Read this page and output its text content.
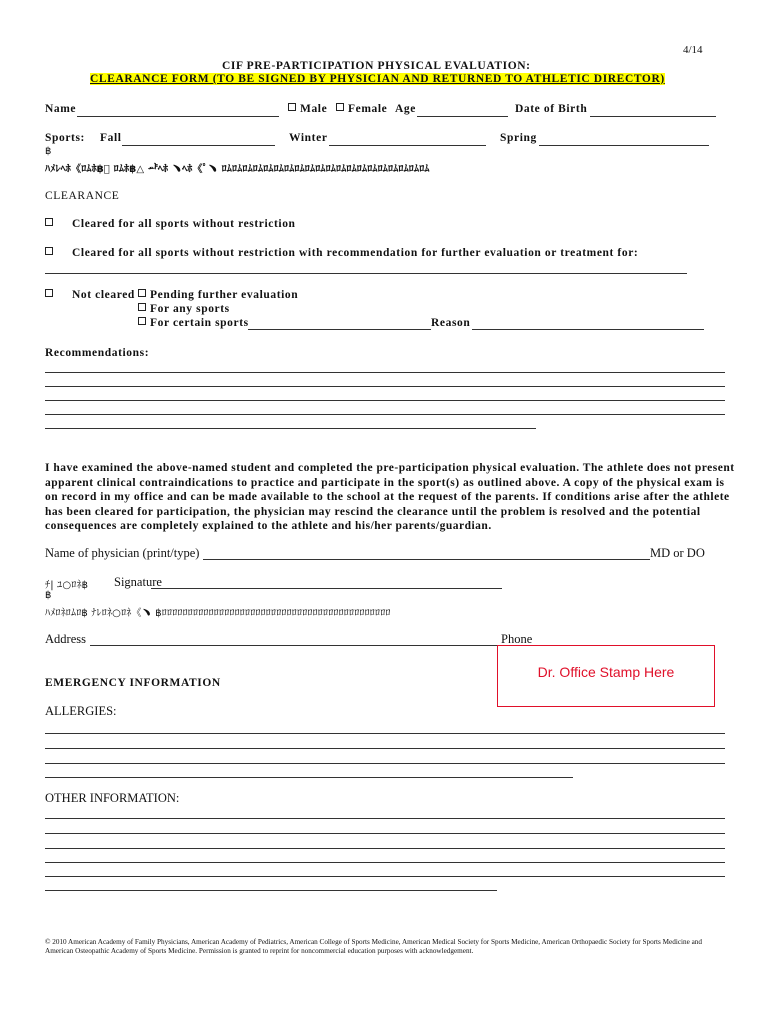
4/14
CIF PRE-PARTICIPATION PHYSICAL EVALUATION:
CLEARANCE FORM (TO BE SIGNED BY PHYSICIAN AND RETURNED TO ATHLETIC DIRECTOR)
Name	Male	Female Age	Date of Birth
Sports: Fall	Winter	Spring
฿
ﾊﾒﾚﾍﾎ《ﾛﾑﾎ฿ﾟ ﾛﾑﾎ฿△ ᆄﾍﾎ ﹅ﾍﾎ《ﾟ﹅ ﾛﾑﾛﾑﾛﾑﾛﾑﾛﾑﾛﾑﾛﾑﾛﾑﾛﾑﾛﾑﾛﾑﾛﾑﾛﾑﾛﾑﾛﾑﾛﾑﾛﾑﾛﾑﾛﾑﾛﾑ
CLEARANCE
Cleared for all sports without restriction
Cleared for all sports without restriction with recommendation for further evaluation or treatment for:
Not cleared	Pending further evaluation
For any sports
For certain sports	Reason
Recommendations:
I have examined the above-named student and completed the pre-participation physical evaluation. The athlete does not present apparent clinical contraindications to practice and participate in the sport(s) as outlined above. A copy of the physical exam is on record in my office and can be made available to the school at the request of the parents. If conditions arise after the athlete has been cleared for participation, the physician may rescind the clearance until the problem is resolved and the potential consequences are completely explained to the athlete and his/her parents/guardian.
Name of physician (print/type)	MD or DO
ﾁ| ﾕ○ﾛﾈ฿ Signature
฿
ﾊﾒﾛﾈﾛﾑﾛ฿ ﾅﾚﾛﾈ○ﾛﾈ《﹅ ฿ﾛﾛﾛﾛﾛﾛﾛﾛﾛﾛﾛﾛﾛﾛﾛﾛﾛﾛﾛﾛﾛﾛﾛﾛﾛﾛﾛﾛﾛﾛﾛﾛﾛﾛﾛﾛﾛﾛﾛﾛﾛﾛﾛﾛ
Address	Phone
Dr. Office Stamp Here
EMERGENCY INFORMATION
ALLERGIES:
OTHER INFORMATION:
© 2010 American Academy of Family Physicians, American Academy of Pediatrics, American College of Sports Medicine, American Medical Society for Sports Medicine, American Orthopaedic Society for Sports Medicine and American Osteopathic Academy of Sports Medicine. Permission is granted to reprint for noncommercial education purposes with acknowledgement.
